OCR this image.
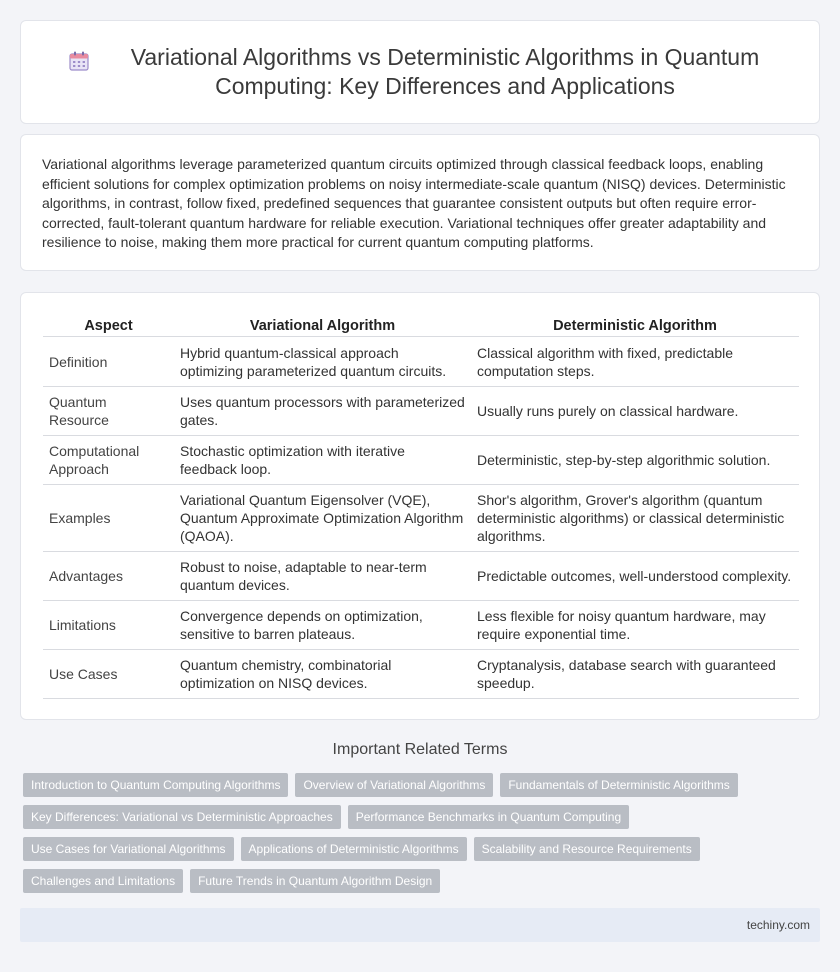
Variational Algorithms vs Deterministic Algorithms in Quantum Computing: Key Differences and Applications

Variational algorithms leverage parameterized quantum circuits optimized through classical feedback loops, enabling efficient solutions for complex optimization problems on noisy intermediate-scale quantum (NISQ) devices. Deterministic algorithms, in contrast, follow fixed, predefined sequences that guarantee consistent outputs but often require error-corrected, fault-tolerant quantum hardware for reliable execution. Variational techniques offer greater adaptability and resilience to noise, making them more practical for current quantum computing platforms.

Aspect	Variational Algorithm	Deterministic Algorithm
Definition	Hybrid quantum-classical approach optimizing parameterized quantum circuits.	Classical algorithm with fixed, predictable computation steps.
Quantum Resource	Uses quantum processors with parameterized gates.	Usually runs purely on classical hardware.
Computational Approach	Stochastic optimization with iterative feedback loop.	Deterministic, step-by-step algorithmic solution.
Examples	Variational Quantum Eigensolver (VQE), Quantum Approximate Optimization Algorithm (QAOA).	Shor's algorithm, Grover's algorithm (quantum deterministic algorithms) or classical deterministic algorithms.
Advantages	Robust to noise, adaptable to near-term quantum devices.	Predictable outcomes, well-understood complexity.
Limitations	Convergence depends on optimization, sensitive to barren plateaus.	Less flexible for noisy quantum hardware, may require exponential time.
Use Cases	Quantum chemistry, combinatorial optimization on NISQ devices.	Cryptanalysis, database search with guaranteed speedup.
Important Related Terms
Introduction to Quantum Computing Algorithms	Overview of Variational Algorithms	Fundamentals of Deterministic Algorithms
Key Differences: Variational vs Deterministic Approaches	Performance Benchmarks in Quantum Computing
Use Cases for Variational Algorithms	Applications of Deterministic Algorithms	Scalability and Resource Requirements
Challenges and Limitations	Future Trends in Quantum Algorithm Design
techiny.com
